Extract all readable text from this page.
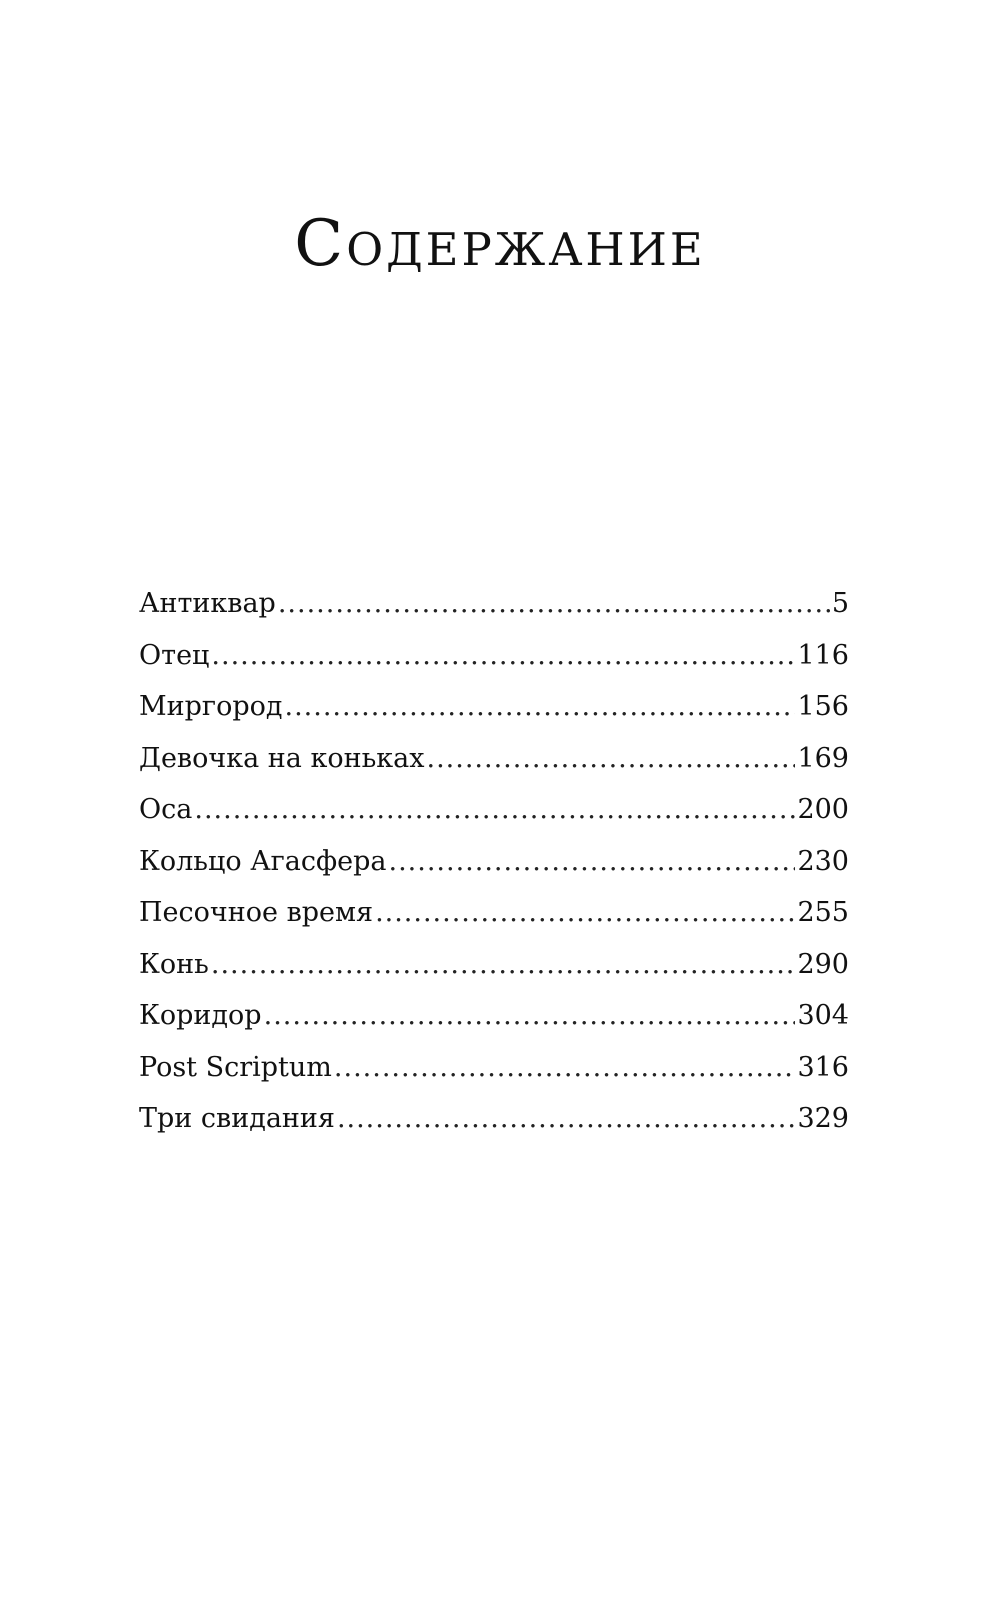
Содержание
Антиквар .....	5
Отец .....	116
Миргород .....	156
Девочка на коньках .....	169
Оса .....	200
Кольцо Агасфера .....	230
Песочное время .....	255
Конь .....	290
Коридор .....	304
Post Scriptum .....	316
Три свидания .....	329
